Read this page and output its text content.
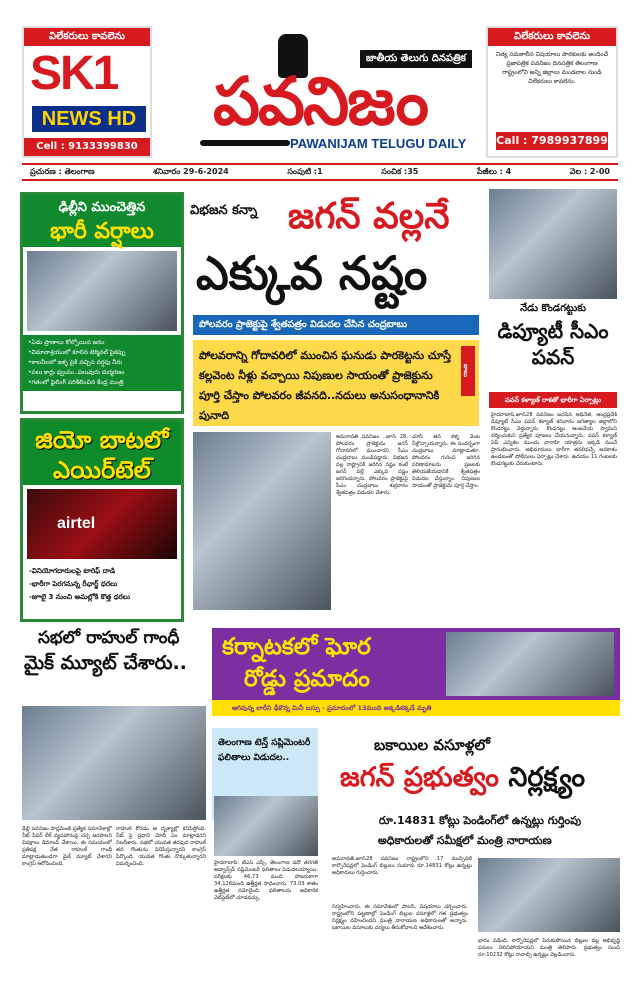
విలేకరులు కావలెను
SK1
NEWS HD
Cell : 9133399830
జాతీయ తెలుగు దినపత్రిక
పవనిజం
PAWANIJAM TELUGU DAILY
విలేకరులు కావలెను
నిత్య సమకాలీన విషయాలు పాఠకులకు అందించే ప్రజాపత్రిక పవనిజం దినపత్రిక తెలంగాణ రాష్ట్రంలోని అన్ని జిల్లాలు మండలాల నుండి విలేకరులు కావలెను.
Call : 7989937899
ప్రచురణ : తెలంగాణ	శనివారం 29-6-2024	సంపుటి :1	సంచిక :35	పేజీలు : 4	వెల : 2-00
ఢిల్లీని ముంచెత్తిన
భారీ వర్షాలు
• ఏడు ప్రాణాలు కోల్పోయిన జనం
• విమానాశ్రయంలో కూలిన టెర్మినల్ పైకప్పు
• కాలనీలలో ఇళ్ళ పైకి వచ్చిన వర్షపు నీరు
• పలు కార్లు ధ్వంసం..పలువురు దుర్మరణం
• గతంలో ఫైలింగ్ పరిశీలించిన కేంద్ర మంత్రి
జియో బాటలో
ఎయిర్‌టెల్
airtel
-వినియోగదారులపై టారిఫ్ దాడి
-భారీగా పెరగనున్న రీఛార్జ్ ధరలు
-జూలై 3 నుంచి అమల్లోకి కొత్త ధరలు
విభజన కన్నా జగన్ వల్లనే
ఎక్కువ నష్టం
పోలవరం ప్రాజెక్టుపై శ్వేతపత్రం విడుదల చేసిన చంద్రబాబు
పోలవరాన్ని గోదావరిలో ముంచిన ఘనుడు పారకెట్టను చూస్తే కల్లవెంట నీళ్లు వచ్చాయి నిపుణుల సాయంతో ప్రాజెక్టును పూర్తి చేస్తాం పోలవరం జీవనది..నదులు అనుసంధానానికి పునాది
బాబు
అమరావతి పవనిజం ..జూన్ 28, పోలవరం ప్రాజెక్టును జగన్ గోదావరిలో ముంచారని సీఎం చంద్రబాబు మండిపడ్డారు. విభజన వల్ల రాష్ట్రానికి జరిగిన నష్టం కంటే జగన్ వల్లే ఎక్కువ నష్టం జరిగిందన్నారు. పోలవరం ప్రాజెక్టుపై సీఎం చంద్రబాబు శుక్రవారం శ్వేతపత్రం విడుదల చేశారు.
చూసి తన కళ్ళ వెంట నీళ్లొచ్చాయన్నారు. ఈ సందర్భంగా చంద్రబాబు మాట్లాడుతూ. పోలవరం గురించి జరిగిన పరిణామాలను ప్రజలకు తెలియజేయడానికే శ్వేతపత్రం విడుదల చేస్తున్నాం. నిపుణుల సాయంతో ప్రాజెక్టును పూర్తి చేస్తాం.
నేడు కొండగట్టుకు
డిప్యూటీ సీఎం పవన్
పవన్ కళ్యాణ్ రాకతో భారీగా ఏర్పాట్లు
హైదరాబాద్,జూన్28 పవనిజం జనసేన అధినేత, ఆంధ్రప్రదేశ్ డిప్యూటీ సీఎం పవన్ కళ్యాణ్ శనివారం జగిత్యాల జిల్లాలోని కొండగట్టు వెళ్తున్నారు. కొండగట్టు ఆంజనేయ స్వామిని దర్శించుకుని ప్రత్యేక పూజలు చేయనున్నారు. పవన్ కళ్యాణ్ ఏపీ ఎన్నికల ముందు వారాహి యాత్రను ఇక్కడి నుంచే ప్రారంభించారు. అభిమానులు భారీగా తరలివచ్చే అవకాశం ఉండటంతో పోలీసులు ఏర్పాట్లు చేశారు. ఉదయం 11 గంటలకు కొండగట్టుకు చేరుకుంటారు.
కర్నాటకలో ఘోర
రోడ్డు ప్రమాదం
ఆగివున్న లారీని ఢీకొన్న మినీ బస్సు - ప్రమాదంలో 13మంది అక్కడికక్కడే మృతి
సభలో రాహుల్ గాంధీ
మైక్ మ్యూట్ చేశారు..
ఢిల్లీ పవనిజం పార్లమెంట్ ప్రత్యేక సమావేశాల్లో నీట్ పేపర్ లీక్ వ్యవహారంపై చర్చ జరపాలని విపక్షాలు డిమాండ్ చేశాయి. ఈ సమయంలో ప్రతిపక్ష నేత రాహుల్ గాంధీ మాట్లాడుతుండగా మైక్ మ్యూట్ చేశారని కాంగ్రెస్ ఆరోపించింది.
రాహుల్ కోరడం ఆ దృశ్యాల్లో కనిపిస్తోంది. నీట్ పై ప్రధాని మోదీ ఏం మాట్లాడరని నిలదీశారు. సభలో యువత తరఫున రాహుల్ తన గొంతును వినిపిస్తున్నారని కాంగ్రెస్ పేర్కొంది. యువత గొంతు నొక్కుతున్నారని విమర్శించింది.
తెలంగాణ టెన్త్ సప్లిమెంటరీ ఫలితాలు విడుదల..
హైదరాబాద్: టీఎస్ ఎస్సీ, తెలంగాణ పదో తరగతి అడ్వాన్స్‌డ్ సప్లిమెంటరీ ఫలితాలు విడుదలయ్యాయి. పరీక్షలకు 46,73 మంది హాజరుకాగా 34,126మంది ఉత్తీర్ణత సాధించారు. 73.03 శాతం ఉత్తీర్ణత నమోదైంది. ఫలితాలను అధికారిక వెబ్‌సైట్‌లో చూడవచ్చు.
బకాయిల వసూళ్లలో
జగన్ ప్రభుత్వం నిర్లక్ష్యం
రూ.14831 కోట్లు పెండింగ్‌లో ఉన్నట్లు గుర్తింపు
అధికారులతో సమీక్షలో మంత్రి నారాయణ
అమరావతి,జూన్28 పవనిజం రాష్ట్రంలోని 17 మున్సిపల్ కార్పొరేషన్లలో పెండింగ్ బిల్లులు సుమారు రూ.14831 కోట్లు ఉన్నట్లు అధికారులు గుర్తించారు.
నిర్వహించారు. ఈ సమావేశంలో పాలసీ, విషయాలు చర్చించారు. రాష్ట్రంలోని పట్టణాల్లో పెండింగ్ బిల్లుల వసూళ్లలో గత ప్రభుత్వం నిర్లక్ష్యం వహించిందని మంత్రి నారాయణ అధికారులతో అన్నారు. బకాయిల వసూలుకు చర్యలు తీసుకోవాలని ఆదేశించారు.
భారం పడింది. కార్పొరేషన్లలో పేరుకుపోయిన బిల్లుల వల్ల అభివృద్ధి పనులు నిలిచిపోయాయని మంత్రి తెలిపారు. ప్రభుత్వం నుంచి రూ.10232 కోట్లు రావాల్సి ఉన్నట్లు వెల్లడించారు.
